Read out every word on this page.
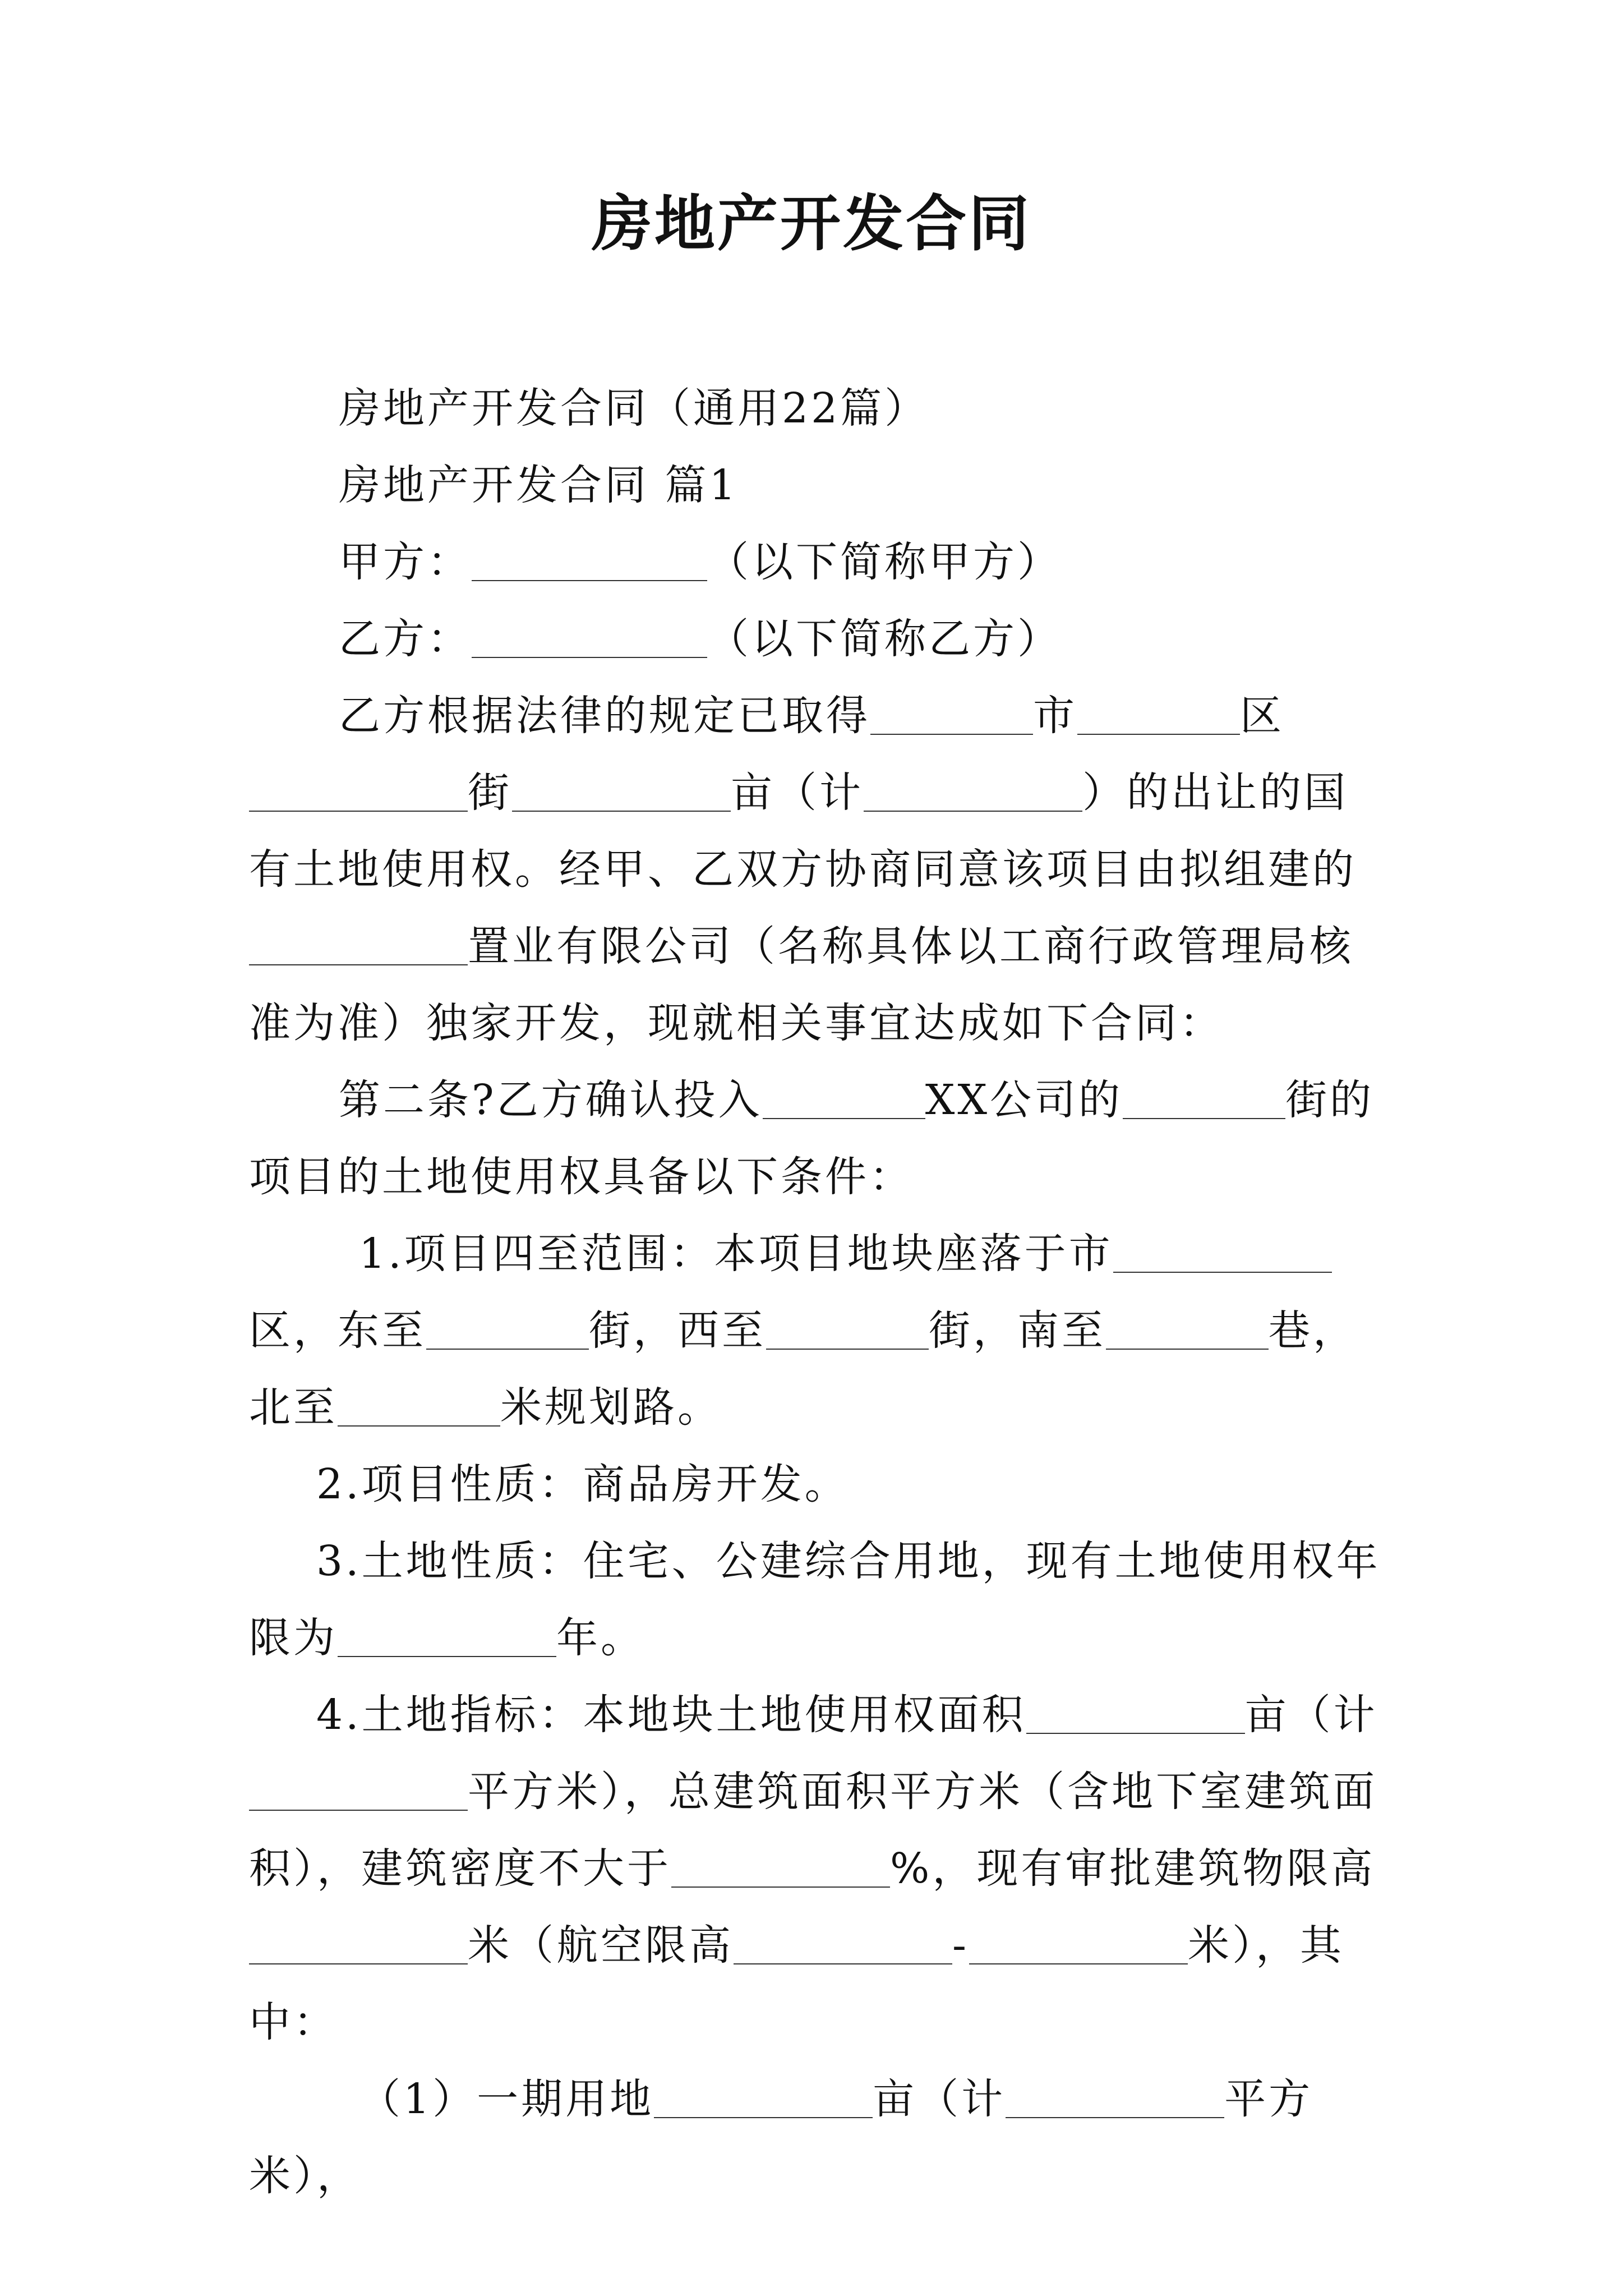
房地产开发合同

房地产开发合同（通用22篇）

房地产开发合同 篇1

甲方：	（以下简称甲方）

乙方：	（以下简称乙方）

乙方根据法律的规定已取得	市	区街	亩（计	）的出让的国有土地使用权。经甲、乙双方协商同意该项目由拟组建的置业有限公司（名称具体以工商行政管理局核准为准）独家开发，现就相关事宜达成如下合同：

第二条?乙方确认投入	XX公司的	街的项目的土地使用权具备以下条件：

1.项目四至范围：本项目地块座落于市区，东至	街，西至	街，南至	巷，北至	米规划路。

2.项目性质：商品房开发。

3.土地性质：住宅、公建综合用地，现有土地使用权年限为	年。

4.土地指标：本地块土地使用权面积	亩（计平方米），总建筑面积平方米（含地下室建筑面积），建筑密度不大于	%，现有审批建筑物限高米（航空限高	-	米），其中：

（1）一期用地	亩（计	平方米），
